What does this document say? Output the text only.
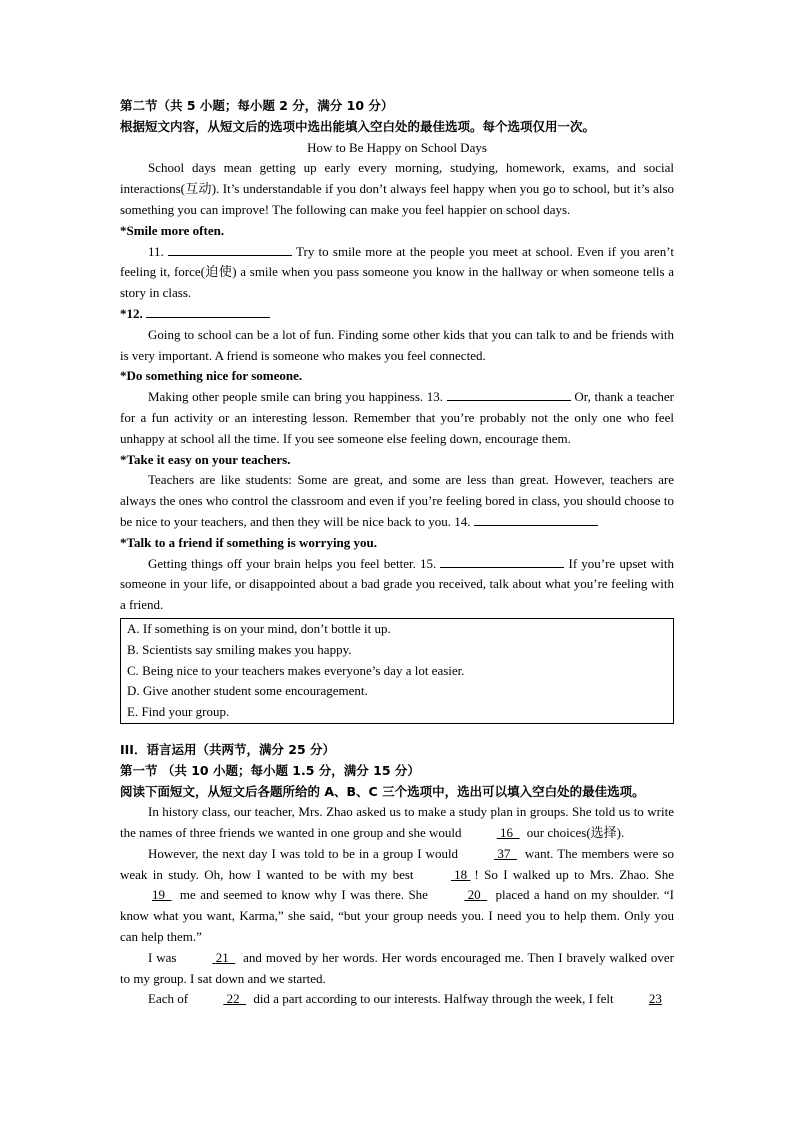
第二节（共 5 小题；每小题 2 分，满分 10 分）
根据短文内容，从短文后的选项中选出能填入空白处的最佳选项。每个选项仅用一次。
How to Be Happy on School Days

School days mean getting up early every morning, studying, homework, exams, and social interactions(互动). It’s understandable if you don’t always feel happy when you go to school, but it’s also something you can improve! The following can make you feel happier on school days.

*Smile more often.

11.	Try to smile more at the people you meet at school. Even if you aren’t feeling it, force(迫使) a smile when you pass someone you know in the hallway or when someone tells a story in class.

*12.

Going to school can be a lot of fun. Finding some other kids that you can talk to and be friends with is very important. A friend is someone who makes you feel connected.

*Do something nice for someone.

Making other people smile can bring you happiness. 13.	Or, thank a teacher for a fun activity or an interesting lesson. Remember that you’re probably not the only one who feel unhappy at school all the time. If you see someone else feeling down, encourage them.

*Take it easy on your teachers.

Teachers are like students: Some are great, and some are less than great. However, teachers are always the ones who control the classroom and even if you’re feeling bored in class, you should choose to be nice to your teachers, and then they will be nice back to you. 14.

*Talk to a friend if something is worrying you.

Getting things off your brain helps you feel better. 15.	If you’re upset with someone in your life, or disappointed about a bad grade you received, talk about what you’re feeling with a friend.

A. If something is on your mind, don’t bottle it up.
B. Scientists say smiling makes you happy.
C. Being nice to your teachers makes everyone’s day a lot easier.
D. Give another student some encouragement.
E. Find your group.
III．语言运用（共两节，满分 25 分）
第一节 （共 10 小题；每小题 1.5 分，满分 15 分）
阅读下面短文，从短文后各题所给的 A、B、C 三个选项中，选出可以填入空白处的最佳选项。

In history class, our teacher, Mrs. Zhao asked us to make a study plan in groups. She told us to write the names of three friends we wanted in one group and she would	16 our choices(选择).

However, the next day I was told to be in a group I would	37 want. The members were so weak in study. Oh, how I wanted to be with my best	18 ! So I walked up to Mrs. Zhao. She 19 me and seemed to know why I was there. She	20 placed a hand on my shoulder. “I know what you want, Karma,” she said, “but your group needs you. I need you to help them. Only you can help them.”

I was	21 and moved by her words. Her words encouraged me. Then I bravely walked over to my group. I sat down and we started.

Each of	22 did a part according to our interests. Halfway through the week, I felt	23
